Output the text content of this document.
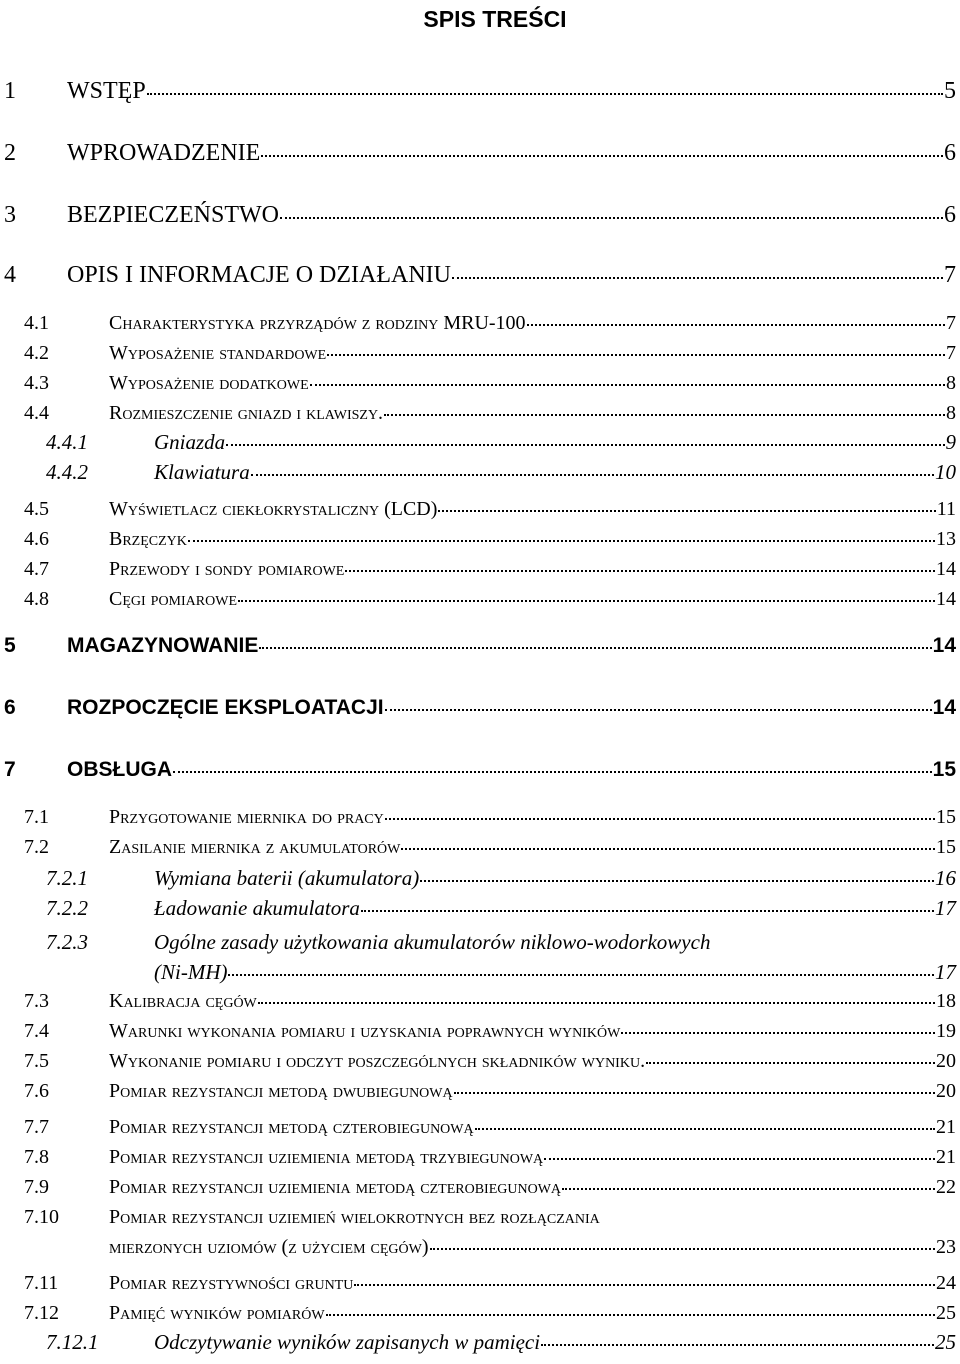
SPIS TREŚCI
1	WSTĘP	5
2	WPROWADZENIE	6
3	BEZPIECZEŃSTWO	6
4	OPIS I INFORMACJE O DZIAŁANIU	7
4.1	Charakterystyka przyrządów z rodziny MRU-100	7
4.2	Wyposażenie standardowe	7
4.3	Wyposażenie dodatkowe	8
4.4	Rozmieszczenie gniazd i klawiszy.	8
4.4.1	Gniazda	9
4.4.2	Klawiatura	10
4.5	Wyświetlacz ciekłokrystaliczny (LCD)	11
4.6	Brzęczyk	13
4.7	Przewody i sondy pomiarowe	14
4.8	Cęgi pomiarowe	14
5	MAGAZYNOWANIE	14
6	ROZPOCZĘCIE EKSPLOATACJI	14
7	OBSŁUGA	15
7.1	Przygotowanie miernika do pracy	15
7.2	Zasilanie miernika z akumulatorów	15
7.2.1	Wymiana baterii (akumulatora)	16
7.2.2	Ładowanie akumulatora	17
7.2.3	Ogólne zasady użytkowania akumulatorów niklowo-wodorkowych
(Ni-MH)	17
7.3	Kalibracja cęgów	18
7.4	Warunki wykonania pomiaru i uzyskania poprawnych wyników	19
7.5	Wykonanie pomiaru i odczyt poszczególnych składników wyniku.	20
7.6	Pomiar rezystancji metodą dwubiegunową	20
7.7	Pomiar rezystancji metodą czterobiegunową	21
7.8	Pomiar rezystancji uziemienia metodą trzybiegunową	21
7.9	Pomiar rezystancji uziemienia metodą czterobiegunową	22
7.10	Pomiar rezystancji uziemień wielokrotnych bez rozłączania
mierzonych uziomów (z użyciem cęgów)	23
7.11	Pomiar rezystywności gruntu	24
7.12	Pamięć wyników pomiarów	25
7.12.1	Odczytywanie wyników zapisanych w pamięci	25
